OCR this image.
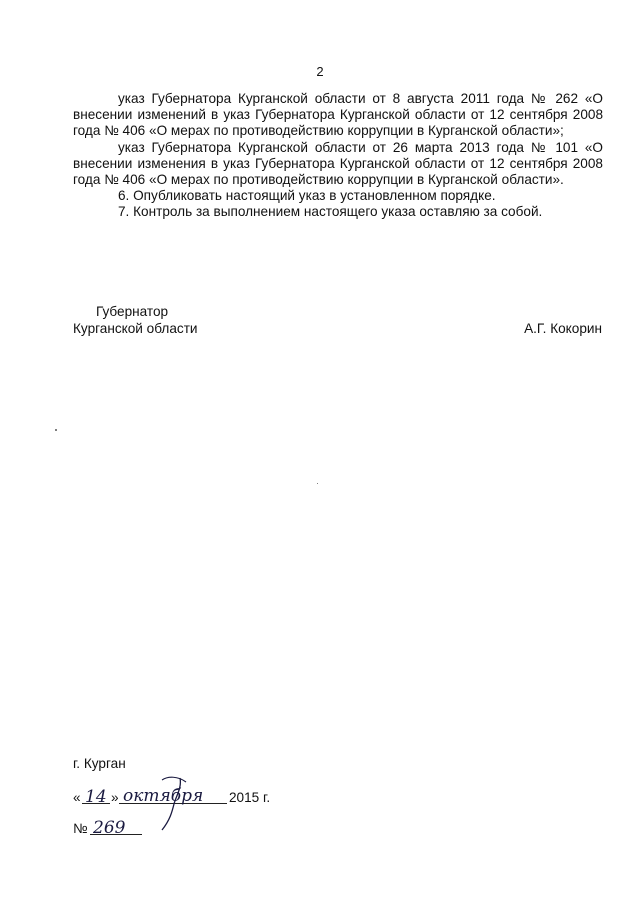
2

указ Губернатора Курганской области от 8 августа 2011 года № 262 «О внесении изменений в указ Губернатора Курганской области от 12 сентября 2008 года № 406 «О мерах по противодействию коррупции в Курганской области»;

указ Губернатора Курганской области от 26 марта 2013 года № 101 «О внесении изменения в указ Губернатора Курганской области от 12 сентября 2008 года № 406 «О мерах по противодействию коррупции в Курганской области».

6. Опубликовать настоящий указ в установленном порядке.

7. Контроль за выполнением настоящего указа оставляю за собой.

Губернатор
Курганской области	А.Г. Кокорин
г. Курган
« 14 » октября 2015 г.
№ 269
